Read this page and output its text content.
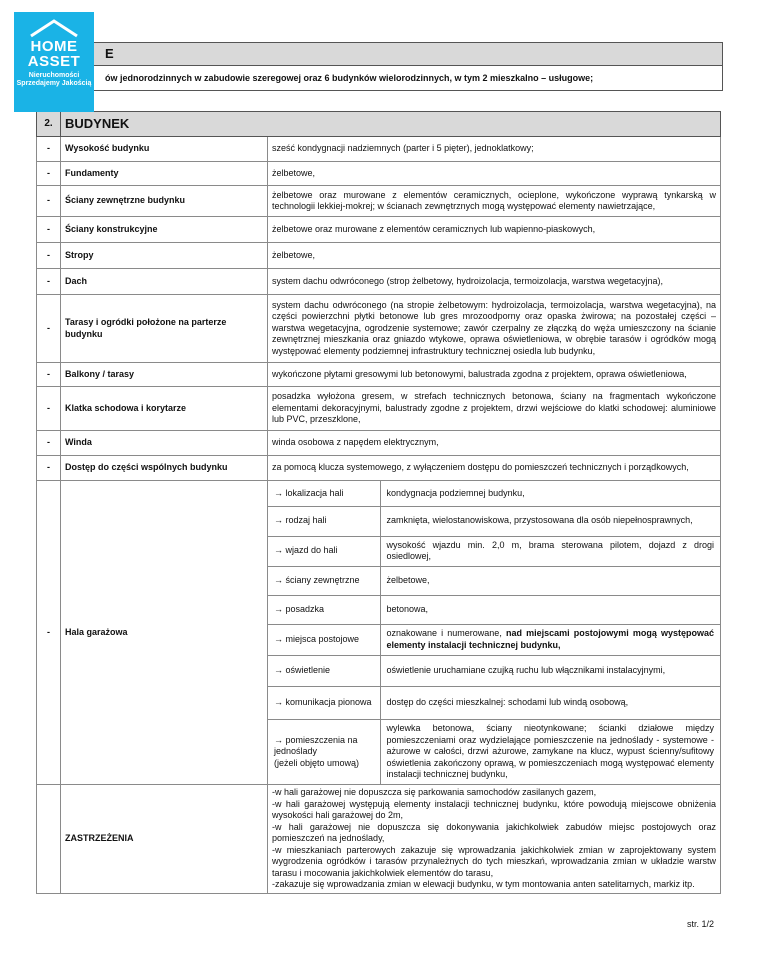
HOME
ASSET
Nieruchomości Sprzedajemy Jakością
E
ów jednorodzinnych w zabudowie szeregowej oraz 6 budynków wielorodzinnych, w tym 2 mieszkalno – usługowe;
2.	BUDYNEK
-	Wysokość budynku	sześć kondygnacji nadziemnych (parter i 5 pięter), jednoklatkowy;
-	Fundamenty	żelbetowe,
-	Ściany zewnętrzne budynku	żelbetowe oraz murowane z elementów ceramicznych, ocieplone, wykończone wyprawą tynkarską w technologii lekkiej-mokrej; w ścianach zewnętrznych mogą występować elementy nawietrzające,
-	Ściany konstrukcyjne	żelbetowe oraz murowane z elementów ceramicznych lub wapienno-piaskowych,
-	Stropy	żelbetowe,
-	Dach	system dachu odwróconego (strop żelbetowy, hydroizolacja, termoizolacja, warstwa wegetacyjna),
-	Tarasy i ogródki położone na parterze budynku	system dachu odwróconego (na stropie żelbetowym: hydroizolacja, termoizolacja, warstwa wegetacyjna), na części powierzchni płytki betonowe lub gres mrozoodporny oraz opaska żwirowa; na pozostałej części – warstwa wegetacyjna, ogrodzenie systemowe; zawór czerpalny ze złączką do węża umieszczony na ścianie zewnętrznej mieszkania oraz gniazdo wtykowe, oprawa oświetleniowa, w obrębie tarasów i ogródków mogą występować elementy podziemnej infrastruktury technicznej osiedla lub budynku,
-	Balkony / tarasy	wykończone płytami gresowymi lub betonowymi, balustrada zgodna z projektem, oprawa oświetleniowa,
-	Klatka schodowa i korytarze	posadzka wyłożona gresem, w strefach technicznych betonowa, ściany na fragmentach wykończone elementami dekoracyjnymi, balustrady zgodne z projektem, drzwi wejściowe do klatki schodowej: aluminiowe lub PVC, przeszklone,
-	Winda	winda osobowa z napędem elektrycznym,
-	Dostęp do części wspólnych budynku	za pomocą klucza systemowego, z wyłączeniem dostępu do pomieszczeń technicznych i porządkowych,
-	Hala garażowa	
→ lokalizacja hali	kondygnacja podziemnej budynku,
→ rodzaj hali	zamknięta, wielostanowiskowa, przystosowana dla osób niepełnosprawnych,
→ wjazd do hali	wysokość wjazdu min. 2,0 m, brama sterowana pilotem, dojazd z drogi osiedlowej,
→ ściany zewnętrzne	żelbetowe,
→ posadzka	betonowa,
→ miejsca postojowe	oznakowane i numerowane, nad miejscami postojowymi mogą występować elementy instalacji technicznej budynku,
→ oświetlenie	oświetlenie uruchamiane czujką ruchu lub włącznikami instalacyjnymi,
→ komunikacja pionowa	dostęp do części mieszkalnej: schodami lub windą osobową,
→ pomieszczenia na
jednoślady
(jeżeli objęto umową)	wylewka betonowa, ściany nieotynkowane; ścianki działowe między pomieszczeniami oraz wydzielające pomieszczenie na jednoślady - systemowe - ażurowe w całości, drzwi ażurowe, zamykane na klucz, wypust ścienny/sufitowy oświetlenia zakończony oprawą, w pomieszczeniach mogą występować elementy instalacji technicznej budynku,

	ZASTRZEŻENIA	-w hali garażowej nie dopuszcza się parkowania samochodów zasilanych gazem,
-w hali garażowej występują elementy instalacji technicznej budynku, które powodują miejscowe obniżenia wysokości hali garażowej do 2m,
-w hali garażowej nie dopuszcza się dokonywania jakichkolwiek zabudów miejsc postojowych oraz pomieszczeń na jednoślady,
-w mieszkaniach parterowych zakazuje się wprowadzania jakichkolwiek zmian w zaprojektowany system wygrodzenia ogródków i tarasów przynależnych do tych mieszkań, wprowadzania zmian w układzie warstw tarasu i mocowania jakichkolwiek elementów do tarasu,
-zakazuje się wprowadzania zmian w elewacji budynku, w tym montowania anten satelitarnych, markiz itp.
str. 1/2
